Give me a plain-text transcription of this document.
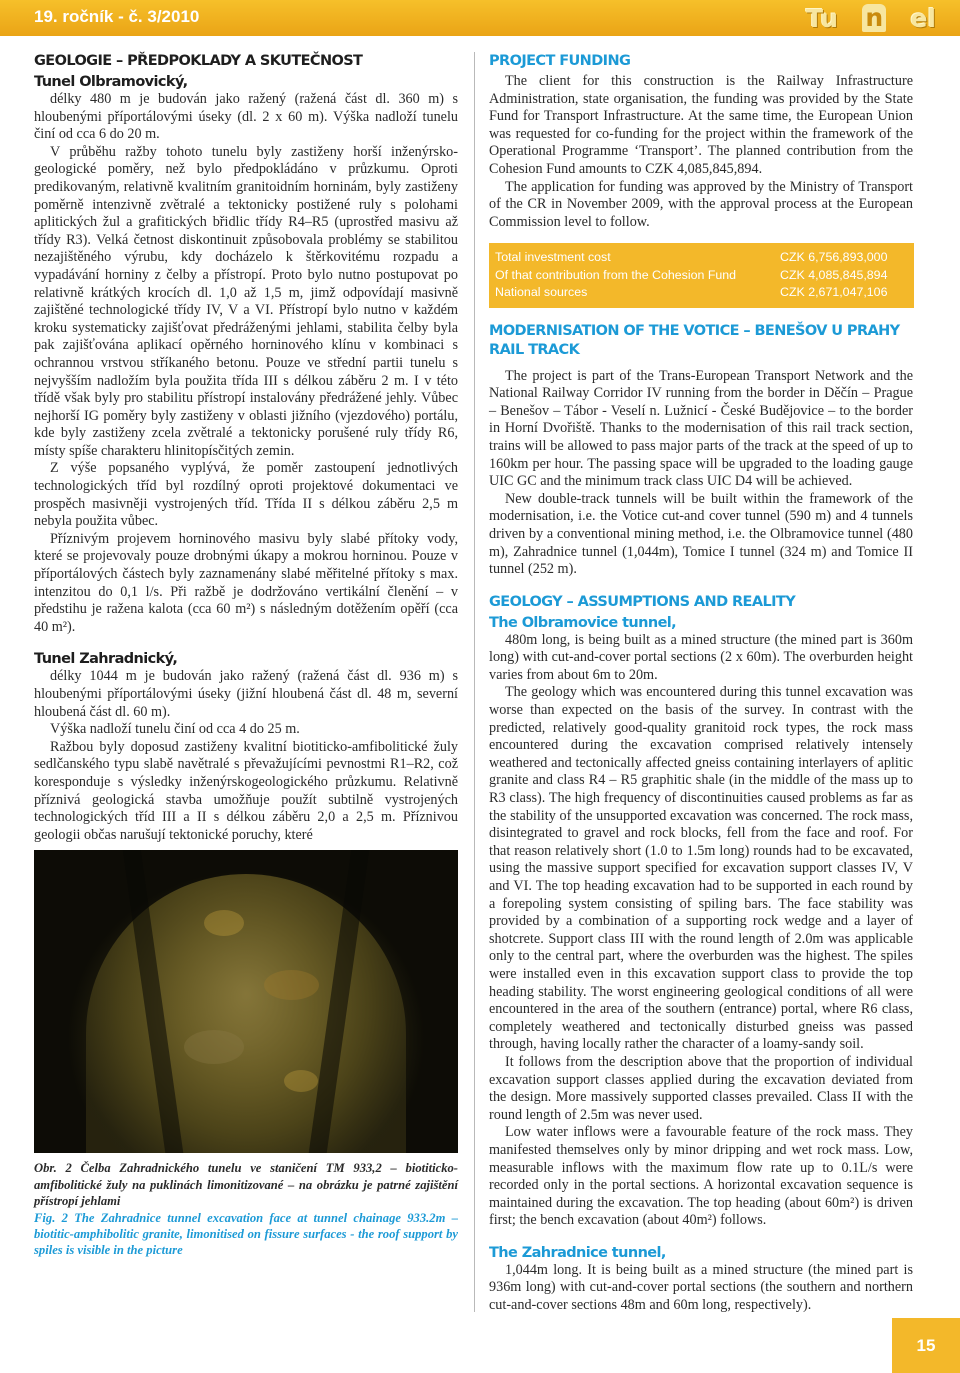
19. ročník - č. 3/2010	Tu n el
GEOLOGIE – PŘEDPOKLADY A SKUTEČNOST
Tunel Olbramovický,

délky 480 m je budován jako ražený (ražená část dl. 360 m) s hloubenými příportálovými úseky (dl. 2 x 60 m). Výška nadloží tunelu činí od cca 6 do 20 m.

V průběhu ražby tohoto tunelu byly zastiženy horší inženýrskogeologické poměry, než bylo předpokládáno v průzkumu. Oproti predikovaným, relativně kvalitním granitoidním horninám, byly zastiženy poměrně intenzivně zvětralé a tektonicky postižené ruly s polohami aplitických žul a grafitických břidlic třídy R4–R5 (uprostřed masivu až třídy R3). Velká četnost diskontinuit způsobovala problémy se stabilitou nezajištěného výrubu, kdy docházelo k štěrkovitému rozpadu a vypadávání horniny z čelby a přístropí. Proto bylo nutno postupovat po relativně krátkých krocích dl. 1,0 až 1,5 m, jimž odpovídají masivně zajištěné technologické třídy IV, V a VI. Přístropí bylo nutno v každém kroku systematicky zajišťovat předráženými jehlami, stabilita čelby byla pak zajišťována aplikací opěrného horninového klínu v kombinaci s ochrannou vrstvou stříkaného betonu. Pouze ve střední partii tunelu s nejvyšším nadložím byla použita třída III s délkou záběru 2 m. I v této třídě však byly pro stabilitu přístropí instalovány předrážené jehly. Vůbec nejhorší IG poměry byly zastiženy v oblasti jižního (vjezdového) portálu, kde byly zastiženy zcela zvětralé a tektonicky porušené ruly třídy R6, místy spíše charakteru hlinitopísčitých zemin.

Z výše popsaného vyplývá, že poměr zastoupení jednotlivých technologických tříd byl rozdílný oproti projektové dokumentaci ve prospěch masivněji vystrojených tříd. Třída II s délkou záběru 2,5 m nebyla použita vůbec.

Příznivým projevem horninového masivu byly slabé přítoky vody, které se projevovaly pouze drobnými úkapy a mokrou horninou. Pouze v příportálových částech byly zaznamenány slabé měřitelné přítoky s max. intenzitou do 0,1 l/s. Při ražbě je dodržováno vertikální členění – v předstihu je ražena kalota (cca 60 m²) s následným dotěžením opěří (cca 40 m²).

Tunel Zahradnický,

délky 1044 m je budován jako ražený (ražená část dl. 936 m) s hloubenými příportálovými úseky (jižní hloubená část dl. 48 m, severní hloubená část dl. 60 m).

Výška nadloží tunelu činí od cca 4 do 25 m.

Ražbou byly doposud zastiženy kvalitní biotiticko-amfibolitické žuly sedlčanského typu slabě navětralé s převažujícími pevnostmi R1–R2, což koresponduje s výsledky inženýrskogeologického průzkumu. Relativně příznivá geologická stavba umožňuje použít subtilně vystrojených technologických tříd III a II s délkou záběru 2,0 a 2,5 m. Příznivou geologii občas narušují tektonické poruchy, které

Obr. 2 Čelba Zahradnického tunelu ve staničení TM 933,2 – biotiticko-amfibolitické žuly na puklinách limonitizované – na obrázku je patrné zajištění přístropí jehlami
Fig. 2 The Zahradnice tunnel excavation face at tunnel chainage 933.2m – biotitic-amphibolitic granite, limonitised on fissure surfaces - the roof support by spiles is visible in the picture
PROJECT FUNDING

The client for this construction is the Railway Infrastructure Administration, state organisation, the funding was provided by the State Fund for Transport Infrastructure. At the same time, the European Union was requested for co-funding for the project within the framework of the Operational Programme ‘Transport’. The planned contribution from the Cohesion Fund amounts to CZK 4,085,845,894.

The application for funding was approved by the Ministry of Transport of the CR in November 2009, with the approval process at the European Commission level to follow.

Total investment cost	CZK 6,756,893,000
Of that contribution from the Cohesion Fund	CZK 4,085,845,894
National sources	CZK 2,671,047,106
MODERNISATION OF THE VOTICE – BENEŠOV U PRAHY RAIL TRACK

The project is part of the Trans-European Transport Network and the National Railway Corridor IV running from the border in Děčín – Prague – Benešov – Tábor - Veselí n. Lužnicí - České Budějovice – to the border in Horní Dvořiště. Thanks to the modernisation of this rail track section, trains will be allowed to pass major parts of the track at the speed of up to 160km per hour. The passing space will be upgraded to the loading gauge UIC GC and the minimum track class UIC D4 will be achieved.

New double-track tunnels will be built within the framework of the modernisation, i.e. the Votice cut-and cover tunnel (590 m) and 4 tunnels driven by a conventional mining method, i.e. the Olbramovice tunnel (480 m), Zahradnice tunnel (1,044m), Tomice I tunnel (324 m) and Tomice II tunnel (252 m).

GEOLOGY – ASSUMPTIONS AND REALITY
The Olbramovice tunnel,

480m long, is being built as a mined structure (the mined part is 360m long) with cut-and-cover portal sections (2 x 60m). The overburden height varies from about 6m to 20m.

The geology which was encountered during this tunnel excavation was worse than expected on the basis of the survey. In contrast with the predicted, relatively good-quality granitoid rock types, the rock mass encountered during the excavation comprised relatively intensely weathered and tectonically affected gneiss containing interlayers of aplitic granite and class R4 – R5 graphitic shale (in the middle of the mass up to R3 class). The high frequency of discontinuities caused problems as far as the stability of the unsupported excavation was concerned. The rock mass, disintegrated to gravel and rock blocks, fell from the face and roof. For that reason relatively short (1.0 to 1.5m long) rounds had to be excavated, using the massive support specified for excavation support classes IV, V and VI. The top heading excavation had to be supported in each round by a forepoling system consisting of spiling bars. The face stability was provided by a combination of a supporting rock wedge and a layer of shotcrete. Support class III with the round length of 2.0m was applicable only to the central part, where the overburden was the highest. The spiles were installed even in this excavation support class to provide the top heading stability. The worst engineering geological conditions of all were encountered in the area of the southern (entrance) portal, where R6 class, completely weathered and tectonically disturbed gneiss was passed through, having locally rather the character of a loamy-sandy soil.

It follows from the description above that the proportion of individual excavation support classes applied during the excavation deviated from the design. More massively supported classes prevailed. Class II with the round length of 2.5m was never used.

Low water inflows were a favourable feature of the rock mass. They manifested themselves only by minor dripping and wet rock mass. Low, measurable inflows with the maximum flow rate up to 0.1L/s were recorded only in the portal sections. A horizontal excavation sequence is maintained during the excavation. The top heading (about 60m²) is driven first; the bench excavation (about 40m²) follows.

The Zahradnice tunnel,

1,044m long. It is being built as a mined structure (the mined part is 936m long) with cut-and-cover portal sections (the southern and northern cut-and-cover sections 48m and 60m long, respectively).

15
